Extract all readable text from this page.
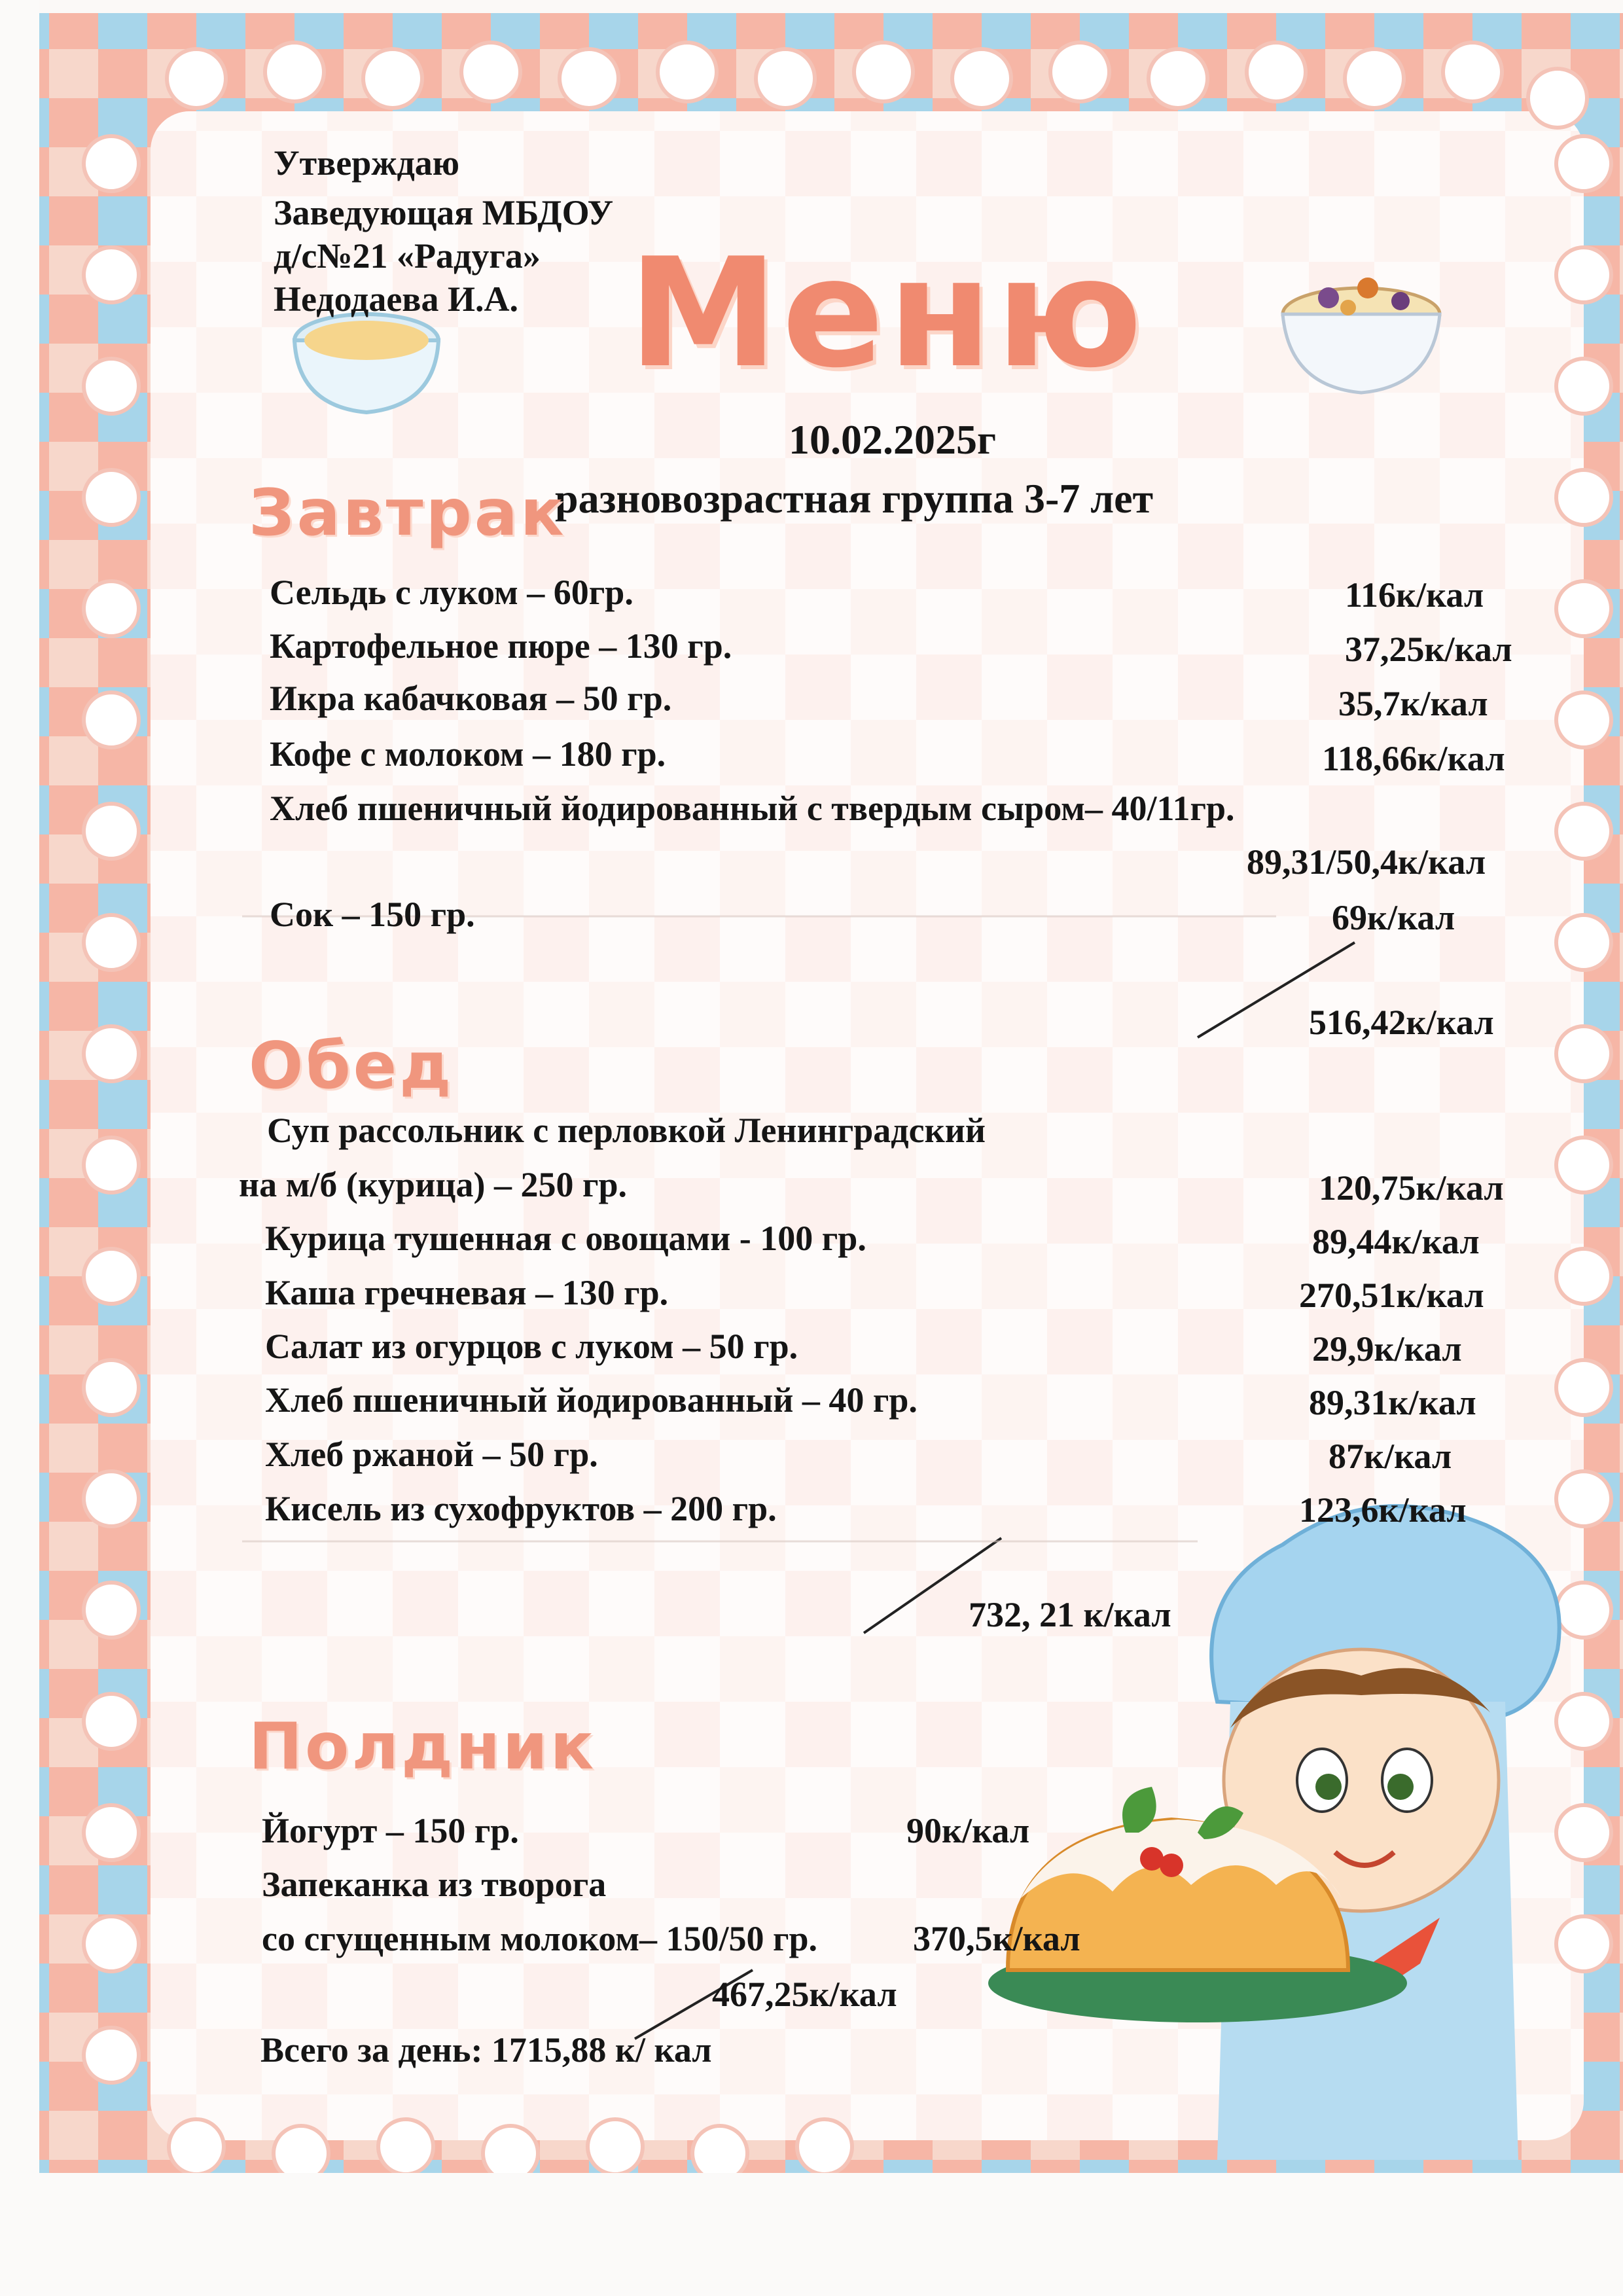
Утверждаю
Заведующая МБДОУ
д/с№21 «Радуга»
Недодаева И.А. Меню
10.02.2025г
разновозрастная группа 3-7 лет
Завтрак
Сельдь с луком – 60гр.	116к/кал
Картофельное пюре – 130 гр.	37,25к/кал
Икра кабачковая – 50 гр.	35,7к/кал
Кофе с молоком – 180 гр.	118,66к/кал
Хлеб пшеничный йодированный с твердым сыром– 40/11гр.
89,31/50,4к/кал
Сок – 150 гр.	69к/кал
516,42к/кал
Обед
Суп рассольник с перловкой Ленинградский
на м/б (курица) – 250 гр.	120,75к/кал
Курица тушенная с овощами - 100 гр.	89,44к/кал
Каша гречневая – 130 гр.	270,51к/кал
Салат из огурцов с луком – 50 гр.	29,9к/кал
Хлеб пшеничный йодированный – 40 гр.	89,31к/кал
Хлеб ржаной – 50 гр.	87к/кал
Кисель из сухофруктов – 200 гр.	123,6к/кал
732, 21 к/кал
Полдник
Йогурт – 150 гр.	90к/кал
Запеканка из творога
со сгущенным молоком– 150/50 гр.	370,5к/кал
467,25к/кал
Всего за день: 1715,88 к/ кал
